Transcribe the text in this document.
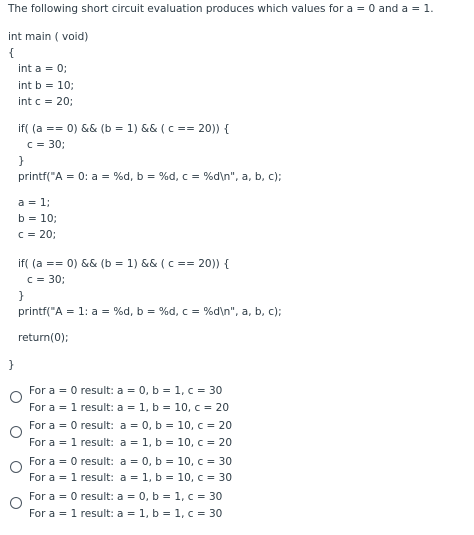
The following short circuit evaluation produces which values for a = 0 and a = 1.
int main ( void)
{
int a = 0;
int b = 10;
int c = 20;
if( (a == 0) && (b = 1) && ( c == 20)) {
c = 30;
}
printf("A = 0: a = %d, b = %d, c = %d\n", a, b, c);
a = 1;
b = 10;
c = 20;
if( (a == 0) && (b = 1) && ( c == 20)) {
c = 30;
}
printf("A = 1: a = %d, b = %d, c = %d\n", a, b, c);
return(0);
}
For a = 0 result: a = 0, b = 1, c = 30
For a = 1 result: a = 1, b = 10, c = 20
For a = 0 result: a = 0, b = 10, c = 20
For a = 1 result: a = 1, b = 10, c = 20
For a = 0 result: a = 0, b = 10, c = 30
For a = 1 result: a = 1, b = 10, c = 30
For a = 0 result: a = 0, b = 1, c = 30
For a = 1 result: a = 1, b = 1, c = 30
